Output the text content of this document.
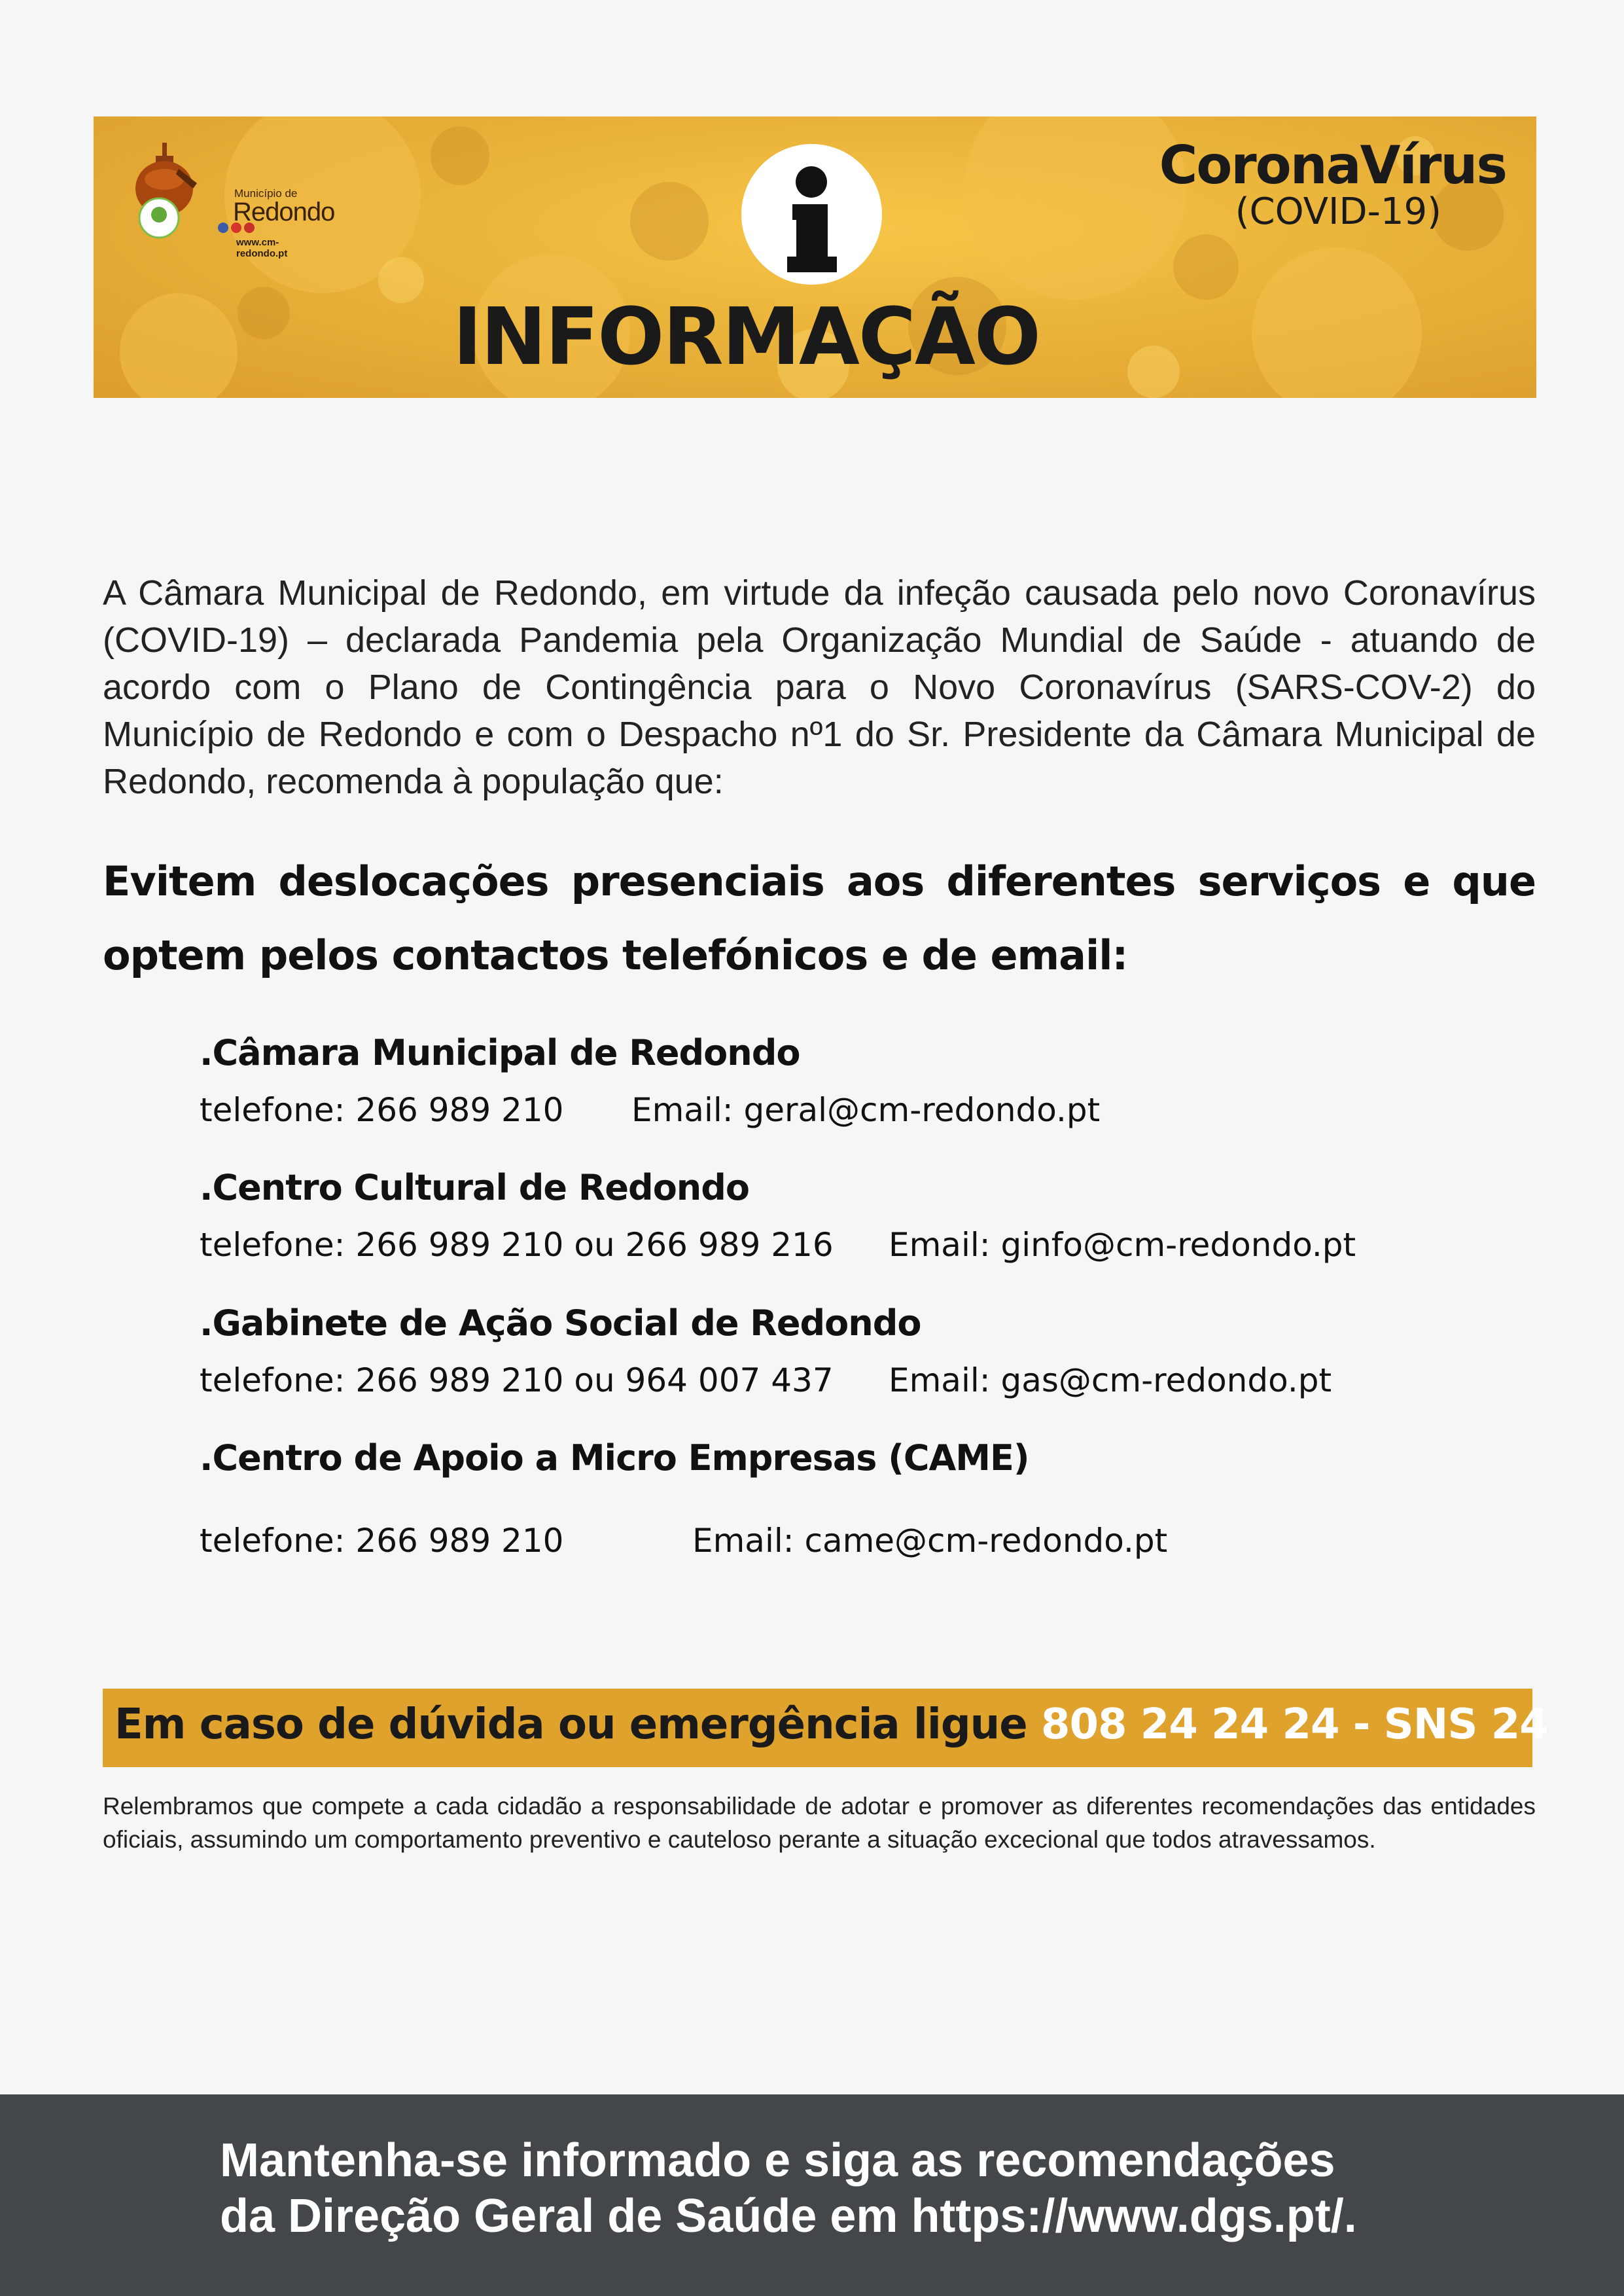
Município de
Redondo
www.cm-redondo.pt
INFORMAÇÃO
CoronaVírus
(COVID-19)

A Câmara Municipal de Redondo, em virtude da infeção causada pelo novo Coronavírus (COVID-19) – declarada Pandemia pela Organização Mundial de Saúde - atuando de acordo com o Plano de Contingência para o Novo Coronavírus (SARS-COV-2) do Município de Redondo e com o Despacho nº1 do Sr. Presidente da Câmara Municipal de Redondo, recomenda à população que:

Evitem deslocações presenciais aos diferentes serviços e que optem pelos contactos telefónicos e de email:

.Câmara Municipal de Redondo
telefone: 266 989 210 Email: geral@cm-redondo.pt
.Centro Cultural de Redondo
telefone: 266 989 210 ou 266 989 216 Email: ginfo@cm-redondo.pt
.Gabinete de Ação Social de Redondo
telefone: 266 989 210 ou 964 007 437 Email: gas@cm-redondo.pt
.Centro de Apoio a Micro Empresas (CAME)
telefone: 266 989 210	Email: came@cm-redondo.pt
Em caso de dúvida ou emergência ligue 808 24 24 24 - SNS 24

Relembramos que compete a cada cidadão a responsabilidade de adotar e promover as diferentes recomendações das entidades oficiais, assumindo um comportamento preventivo e cauteloso perante a situação excecional que todos atravessamos.

Mantenha-se informado e siga as recomendações
da Direção Geral de Saúde em https://www.dgs.pt/.
